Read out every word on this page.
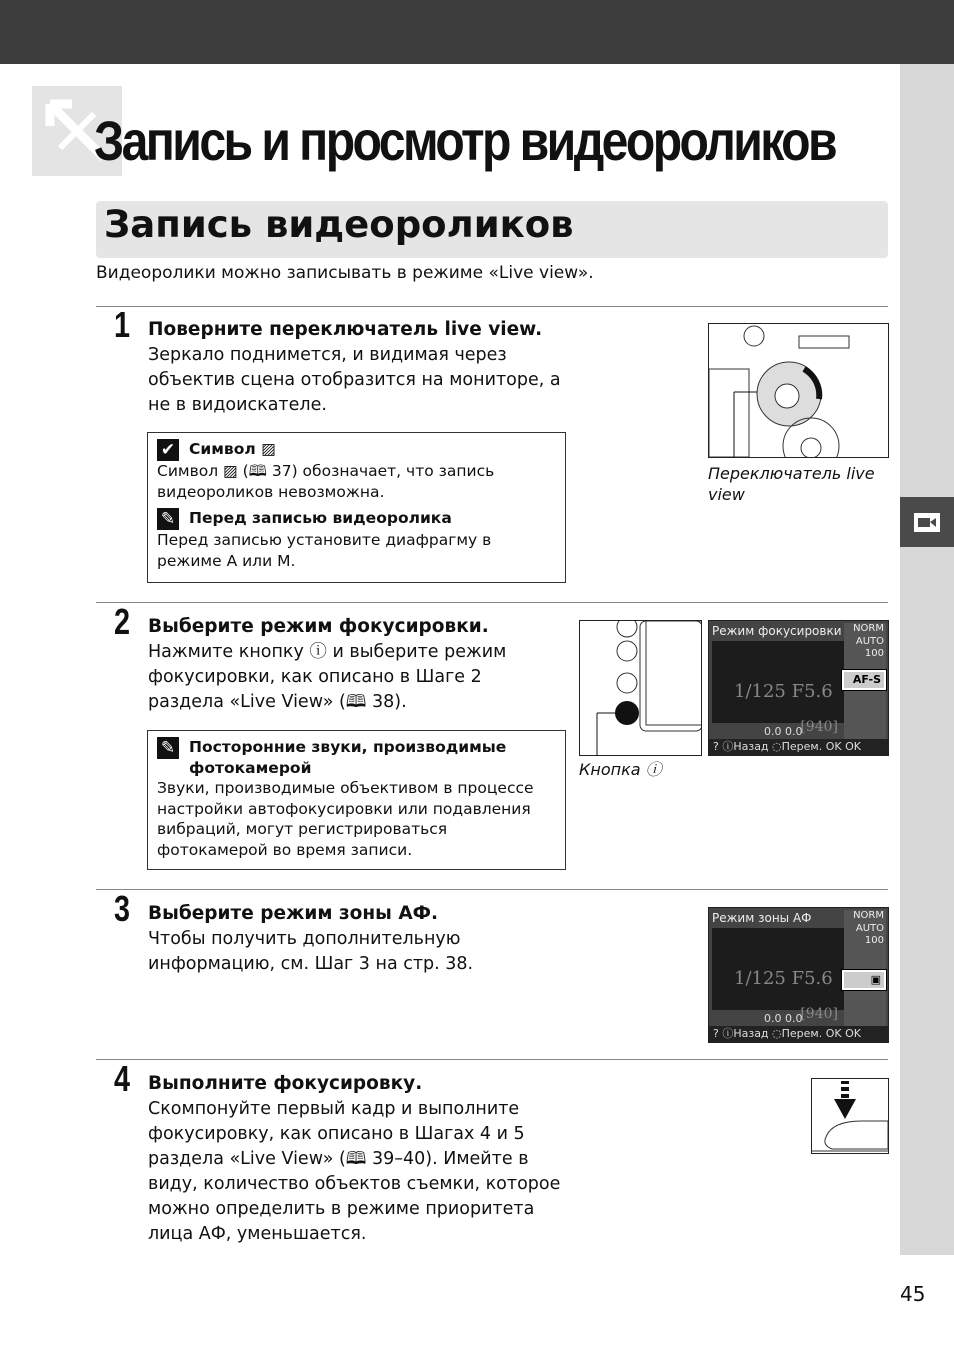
Запись и просмотр видеороликов
Запись видеороликов
Видеоролики можно записывать в режиме «Live view».
1 Поверните переключатель live view.
Зеркало поднимется, и видимая через объектив сцена отобразится на мониторе, а не в видоискателе.
✔ Символ ▨
Символ ▨ (🕮 37) обозначает, что запись видеороликов невозможна.
✎ Перед записью видеоролика
Перед записью установите диафрагму в режиме A или M.
Переключатель live view
2 Выберите режим фокусировки.
Нажмите кнопку ⓘ и выберите режим фокусировки, как описано в Шаге 2 раздела «Live View» (🕮 38).
✎ Посторонние звуки, производимые фотокамерой
Звуки, производимые объективом в процессе настройки автофокусировки или подавления вибраций, могут регистрироваться фотокамерой во время записи.
Кнопка ⓘ
Режим фокусировки
1/125 F5.6
[940]
NORM
AUTO
100
AF-S
0.0 0.0
? ⓘНазад ◌Перем. OK OK
3 Выберите режим зоны АФ.
Чтобы получить дополнительную информацию, см. Шаг 3 на стр. 38.
Режим зоны АФ
1/125 F5.6
[940]
NORM
AUTO
100
▣
0.0 0.0
? ⓘНазад ◌Перем. OK OK
4 Выполните фокусировку.
Скомпонуйте первый кадр и выполните фокусировку, как описано в Шагах 4 и 5 раздела «Live View» (🕮 39–40). Имейте в виду, количество объектов съемки, которое можно определить в режиме приоритета лица АФ, уменьшается.
45
